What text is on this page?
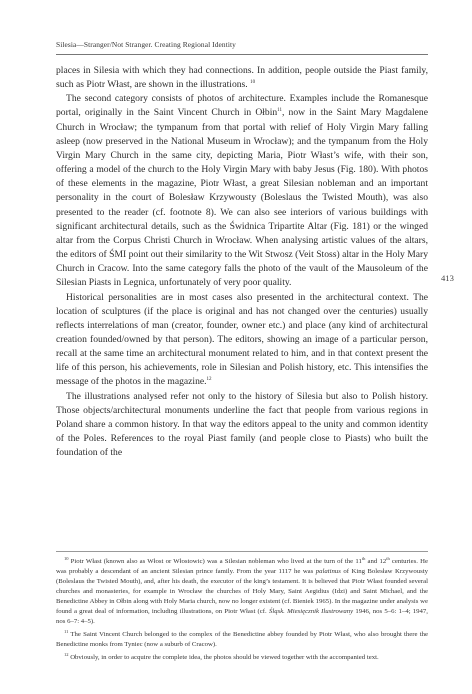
Silesia—Stranger/Not Stranger. Creating Regional Identity

places in Silesia with which they had connections. In addition, people outside the Piast family, such as Piotr Włast, are shown in the illustrations. $^{10}$

The second category consists of photos of architecture. Examples include the Romanesque portal, originally in the Saint Vincent Church in Ołbin$^{11}$, now in the Saint Mary Magdalene Church in Wrocław; the tympanum from that portal with relief of Holy Virgin Mary falling asleep (now preserved in the National Museum in Wrocław); and the tympanum from the Holy Virgin Mary Church in the same city, depicting Maria, Piotr Włast’s wife, with their son, offering a model of the church to the Holy Virgin Mary with baby Jesus (Fig. 180). With photos of these elements in the magazine, Piotr Włast, a great Silesian nobleman and an important personality in the court of Bolesław Krzywousty (Boleslaus the Twisted Mouth), was also presented to the reader (cf. footnote 8). We can also see interiors of various buildings with significant architectural details, such as the Świdnica Tripartite Altar (Fig. 181) or the winged altar from the Corpus Christi Church in Wrocław. When analysing artistic values of the altars, the editors of ŚMI point out their similarity to the Wit Stwosz (Veit Stoss) altar in the Holy Mary Church in Cracow. Into the same category falls the photo of the vault of the Mausoleum of the Silesian Piasts in Legnica, unfortunately of very poor quality.

Historical personalities are in most cases also presented in the architectural context. The location of sculptures (if the place is original and has not changed over the centuries) usually reflects interrelations of man (creator, founder, owner etc.) and place (any kind of architectural creation founded/owned by that person). The editors, showing an image of a particular person, recall at the same time an architectural monument related to him, and in that context present the life of this person, his achievements, role in Silesian and Polish history, etc. This intensifies the message of the photos in the magazine.$^{12}$

The illustrations analysed refer not only to the history of Silesia but also to Polish history. Those objects/architectural monuments underline the fact that people from various regions in Poland share a common history. In that way the editors appeal to the unity and common identity of the Poles. References to the royal Piast family (and people close to Piasts) who built the foundation of the

413

$^{10}$ Piotr Włast (known also as Włost or Włostowic) was a Silesian nobleman who lived at the turn of the 11th and 12th centuries. He was probably a descendant of an ancient Silesian prince family. From the year 1117 he was palatinus of King Bolesław Krzywousty (Boleslaus the Twisted Mouth), and, after his death, the executor of the king’s testament. It is believed that Piotr Włast founded several churches and monasteries, for example in Wrocław the churches of Holy Mary, Saint Aegidius (Idzi) and Saint Michael, and the Benedictine Abbey in Ołbin along with Holy Maria church, now no longer existent (cf. Bieniek 1965). In the magazine under analysis we found a great deal of information, including illustrations, on Piotr Włast (cf. Śląsk. Miesięcznik Ilustrowany 1946, nos 5–6: 1–4; 1947, nos 6–7: 4–5).

$^{11}$ The Saint Vincent Church belonged to the complex of the Benedictine abbey founded by Piotr Włast, who also brought there the Benedictine monks from Tyniec (now a suburb of Cracow).

$^{12}$ Obviously, in order to acquire the complete idea, the photos should be viewed together with the accompanied text.
